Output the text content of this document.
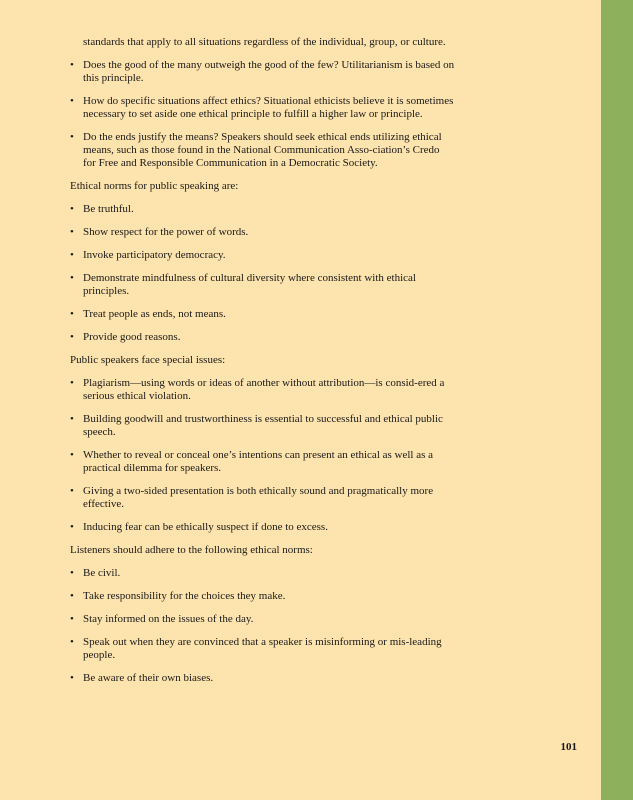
standards that apply to all situations regardless of the individual, group, or culture.

• Does the good of the many outweigh the good of the few? Utilitarianism is based on this principle.
• How do specific situations affect ethics? Situational ethicists believe it is sometimes necessary to set aside one ethical principle to fulfill a higher law or principle.
• Do the ends justify the means? Speakers should seek ethical ends utilizing ethical means, such as those found in the National Communication Asso-ciation’s Credo for Free and Responsible Communication in a Democratic Society.

Ethical norms for public speaking are:

• Be truthful.
• Show respect for the power of words.
• Invoke participatory democracy.
• Demonstrate mindfulness of cultural diversity where consistent with ethical principles.
• Treat people as ends, not means.
• Provide good reasons.

Public speakers face special issues:

• Plagiarism—using words or ideas of another without attribution—is consid-ered a serious ethical violation.
• Building goodwill and trustworthiness is essential to successful and ethical public speech.
• Whether to reveal or conceal one’s intentions can present an ethical as well as a practical dilemma for speakers.
• Giving a two-sided presentation is both ethically sound and pragmatically more effective.
• Inducing fear can be ethically suspect if done to excess.

Listeners should adhere to the following ethical norms:

• Be civil.
• Take responsibility for the choices they make.
• Stay informed on the issues of the day.
• Speak out when they are convinced that a speaker is misinforming or mis-leading people.
• Be aware of their own biases.
101
